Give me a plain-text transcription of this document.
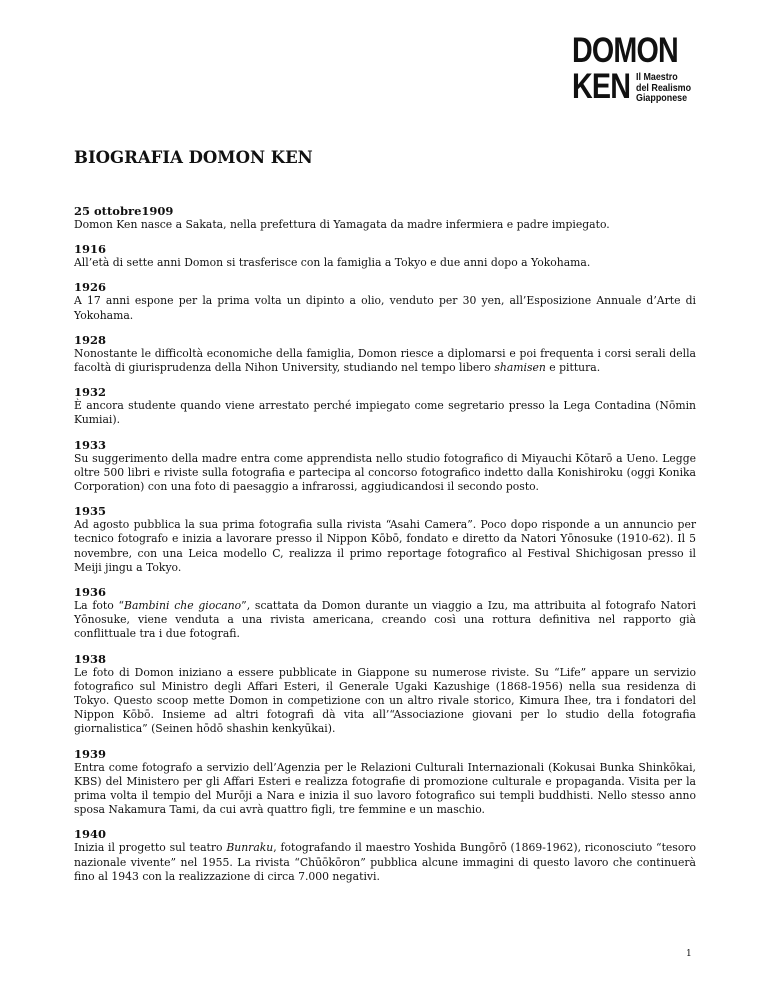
DOMON
KEN Il Maestro
del Realismo
Giapponese
BIOGRAFIA DOMON KEN

25 ottobre1909

Domon Ken nasce a Sakata, nella prefettura di Yamagata da madre infermiera e padre impiegato.

1916

All’età di sette anni Domon si trasferisce con la famiglia a Tokyo e due anni dopo a Yokohama.

1926

A 17 anni espone per la prima volta un dipinto a olio, venduto per 30 yen, all’Esposizione Annuale d’Arte di Yokohama.

1928

Nonostante le difficoltà economiche della famiglia, Domon riesce a diplomarsi e poi frequenta i corsi serali della facoltà di giurisprudenza della Nihon University, studiando nel tempo libero shamisen e pittura.

1932

È ancora studente quando viene arrestato perché impiegato come segretario presso la Lega Contadina (Nōmin Kumiai).

1933

Su suggerimento della madre entra come apprendista nello studio fotografico di Miyauchi Kōtarō a Ueno. Legge oltre 500 libri e riviste sulla fotografia e partecipa al concorso fotografico indetto dalla Konishiroku (oggi Konika Corporation) con una foto di paesaggio a infrarossi, aggiudicandosi il secondo posto.

1935

Ad agosto pubblica la sua prima fotografia sulla rivista “Asahi Camera”. Poco dopo risponde a un annuncio per tecnico fotografo e inizia a lavorare presso il Nippon Kōbō, fondato e diretto da Natori Yōnosuke (1910-62). Il 5 novembre, con una Leica modello C, realizza il primo reportage fotografico al Festival Shichigosan presso il Meiji jingu a Tokyo.

1936

La foto “Bambini che giocano”, scattata da Domon durante un viaggio a Izu, ma attribuita al fotografo Natori Yōnosuke, viene venduta a una rivista americana, creando così una rottura definitiva nel rapporto già conflittuale tra i due fotografi.

1938

Le foto di Domon iniziano a essere pubblicate in Giappone su numerose riviste. Su “Life” appare un servizio fotografico sul Ministro degli Affari Esteri, il Generale Ugaki Kazushige (1868-1956) nella sua residenza di Tokyo. Questo scoop mette Domon in competizione con un altro rivale storico, Kimura Ihee, tra i fondatori del Nippon Kōbō. Insieme ad altri fotografi dà vita all’“Associazione giovani per lo studio della fotografia giornalistica” (Seinen hōdō shashin kenkyūkai).

1939

Entra come fotografo a servizio dell’Agenzia per le Relazioni Culturali Internazionali (Kokusai Bunka Shinkōkai, KBS) del Ministero per gli Affari Esteri e realizza fotografie di promozione culturale e propaganda. Visita per la prima volta il tempio del Murōji a Nara e inizia il suo lavoro fotografico sui templi buddhisti. Nello stesso anno sposa Nakamura Tami, da cui avrà quattro figli, tre femmine e un maschio.

1940

Inizia il progetto sul teatro Bunraku, fotografando il maestro Yoshida Bungōrō (1869-1962), riconosciuto “tesoro nazionale vivente” nel 1955. La rivista “Chūōkōron” pubblica alcune immagini di questo lavoro che continuerà fino al 1943 con la realizzazione di circa 7.000 negativi.

1
